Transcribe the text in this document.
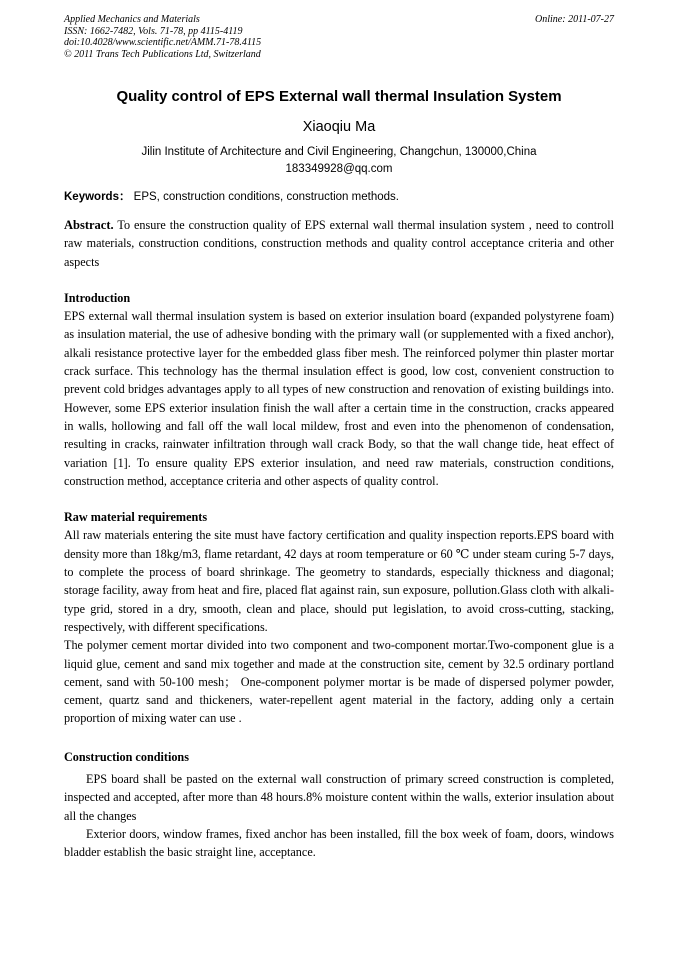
Applied Mechanics and Materials
ISSN: 1662-7482, Vols. 71-78, pp 4115-4119
doi:10.4028/www.scientific.net/AMM.71-78.4115
© 2011 Trans Tech Publications Ltd, Switzerland
Online: 2011-07-27
Quality control of EPS External wall thermal Insulation System
Xiaoqiu Ma
Jilin Institute of Architecture and Civil Engineering, Changchun, 130000,China
183349928@qq.com
Keywords： EPS, construction conditions, construction methods.

Abstract. To ensure the construction quality of EPS external wall thermal insulation system , need to controll raw materials, construction conditions, construction methods and quality control acceptance criteria and other aspects

Introduction

EPS external wall thermal insulation system is based on exterior insulation board (expanded polystyrene foam) as insulation material, the use of adhesive bonding with the primary wall (or supplemented with a fixed anchor), alkali resistance protective layer for the embedded glass fiber mesh. The reinforced polymer thin plaster mortar crack surface. This technology has the thermal insulation effect is good, low cost, convenient construction to prevent cold bridges advantages apply to all types of new construction and renovation of existing buildings into. However, some EPS exterior insulation finish the wall after a certain time in the construction, cracks appeared in walls, hollowing and fall off the wall local mildew, frost and even into the phenomenon of condensation, resulting in cracks, rainwater infiltration through wall crack Body, so that the wall change tide, heat effect of variation [1]. To ensure quality EPS exterior insulation, and need raw materials, construction conditions, construction method, acceptance criteria and other aspects of quality control.

Raw material requirements

All raw materials entering the site must have factory certification and quality inspection reports.EPS board with density more than 18kg/m3, flame retardant, 42 days at room temperature or 60 ℃ under steam curing 5-7 days, to complete the process of board shrinkage. The geometry to standards, especially thickness and diagonal; storage facility, away from heat and fire, placed flat against rain, sun exposure, pollution.Glass cloth with alkali-type grid, stored in a dry, smooth, clean and place, should put legislation, to avoid cross-cutting, stacking, respectively, with different specifications.

The polymer cement mortar divided into two component and two-component mortar.Two-component glue is a liquid glue, cement and sand mix together and made at the construction site, cement by 32.5 ordinary portland cement, sand with 50-100 mesh； One-component polymer mortar is be made of dispersed polymer powder, cement, quartz sand and thickeners, water-repellent agent material in the factory, adding only a certain proportion of mixing water can use .

Construction conditions

EPS board shall be pasted on the external wall construction of primary screed construction is completed, inspected and accepted, after more than 48 hours.8% moisture content within the walls, exterior insulation about all the changes

Exterior doors, window frames, fixed anchor has been installed, fill the box week of foam, doors, windows bladder establish the basic straight line, acceptance.
